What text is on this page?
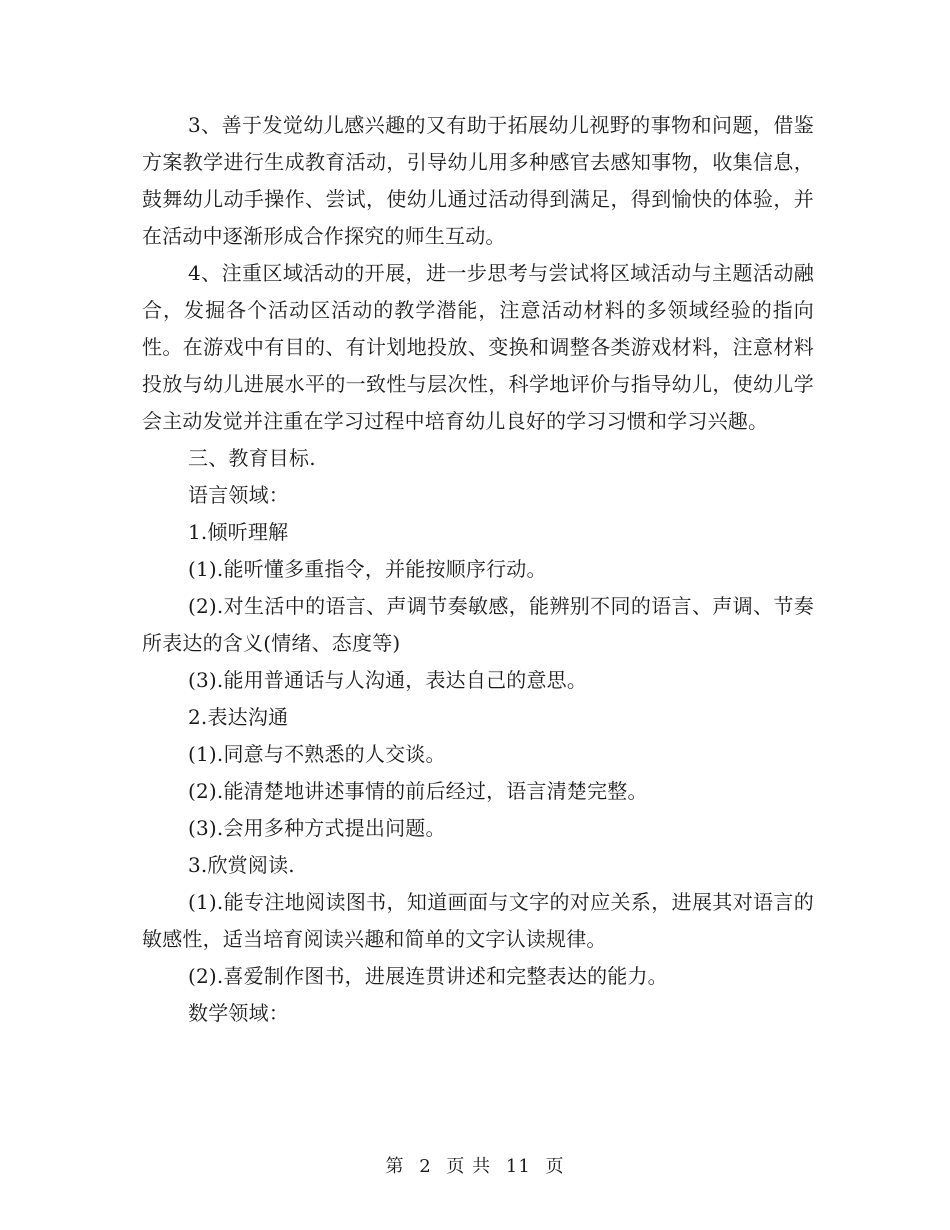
3、善于发觉幼儿感兴趣的又有助于拓展幼儿视野的事物和问题，借鉴方案教学进行生成教育活动，引导幼儿用多种感官去感知事物，收集信息，鼓舞幼儿动手操作、尝试，使幼儿通过活动得到满足，得到愉快的体验，并在活动中逐渐形成合作探究的师生互动。

4、注重区域活动的开展，进一步思考与尝试将区域活动与主题活动融合，发掘各个活动区活动的教学潜能，注意活动材料的多领域经验的指向性。在游戏中有目的、有计划地投放、变换和调整各类游戏材料，注意材料投放与幼儿进展水平的一致性与层次性，科学地评价与指导幼儿，使幼儿学会主动发觉并注重在学习过程中培育幼儿良好的学习习惯和学习兴趣。

三、教育目标.

语言领域：

1.倾听理解

(1).能听懂多重指令，并能按顺序行动。

(2).对生活中的语言、声调节奏敏感，能辨别不同的语言、声调、节奏所表达的含义(情绪、态度等)

(3).能用普通话与人沟通，表达自己的意思。

2.表达沟通

(1).同意与不熟悉的人交谈。

(2).能清楚地讲述事情的前后经过，语言清楚完整。

(3).会用多种方式提出问题。

3.欣赏阅读.

(1).能专注地阅读图书，知道画面与文字的对应关系，进展其对语言的敏感性，适当培育阅读兴趣和简单的文字认读规律。

(2).喜爱制作图书，进展连贯讲述和完整表达的能力。

数学领域：

第 2 页 共 11 页
